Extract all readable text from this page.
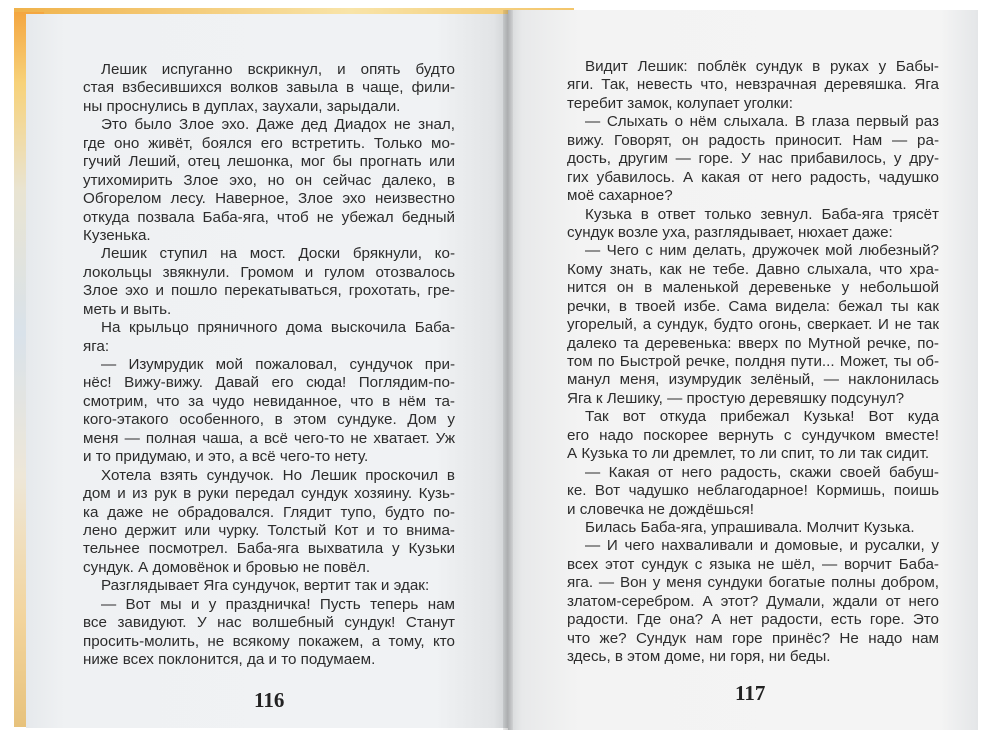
Лешик испуганно вскрикнул, и опять будто
стая взбесившихся волков завыла в чаще, фили-
ны проснулись в дуплах, заухали, зарыдали.
Это было Злое эхо. Даже дед Диадох не знал,
где оно живёт, боялся его встретить. Только мо-
гучий Леший, отец лешонка, мог бы прогнать или
утихомирить Злое эхо, но он сейчас далеко, в
Обгорелом лесу. Наверное, Злое эхо неизвестно
откуда позвала Баба-яга, чтоб не убежал бедный
Кузенька.
Лешик ступил на мост. Доски брякнули, ко-
локольцы звякнули. Громом и гулом отозвалось
Злое эхо и пошло перекатываться, грохотать, гре-
меть и выть.
На крыльцо пряничного дома выскочила Баба-
яга:
— Изумрудик мой пожаловал, сундучок при-
нёс! Вижу-вижу. Давай его сюда! Поглядим-по-
смотрим, что за чудо невиданное, что в нём та-
кого-этакого особенного, в этом сундуке. Дом у
меня — полная чаша, а всё чего-то не хватает. Уж
и то придумаю, и это, а всё чего-то нету.
Хотела взять сундучок. Но Лешик проскочил в
дом и из рук в руки передал сундук хозяину. Кузь-
ка даже не обрадовался. Глядит тупо, будто по-
лено держит или чурку. Толстый Кот и то внима-
тельнее посмотрел. Баба-яга выхватила у Кузьки
сундук. А домовёнок и бровью не повёл.
Разглядывает Яга сундучок, вертит так и эдак:
— Вот мы и у праздничка! Пусть теперь нам
все завидуют. У нас волшебный сундук! Станут
просить-молить, не всякому покажем, а тому, кто
ниже всех поклонится, да и то подумаем.
116
Видит Лешик: поблёк сундук в руках у Бабы-
яги. Так, невесть что, невзрачная деревяшка. Яга
теребит замок, колупает уголки:
— Слыхать о нём слыхала. В глаза первый раз
вижу. Говорят, он радость приносит. Нам — ра-
дость, другим — горе. У нас прибавилось, у дру-
гих убавилось. А какая от него радость, чадушко
моё сахарное?
Кузька в ответ только зевнул. Баба-яга трясёт
сундук возле уха, разглядывает, нюхает даже:
— Чего с ним делать, дружочек мой любезный?
Кому знать, как не тебе. Давно слыхала, что хра-
нится он в маленькой деревеньке у небольшой
речки, в твоей избе. Сама видела: бежал ты как
угорелый, а сундук, будто огонь, сверкает. И не так
далеко та деревенька: вверх по Мутной речке, по-
том по Быстрой речке, полдня пути... Может, ты об-
манул меня, изумрудик зелёный, — наклонилась
Яга к Лешику, — простую деревяшку подсунул?
Так вот откуда прибежал Кузька! Вот куда
его надо поскорее вернуть с сундучком вместе!
А Кузька то ли дремлет, то ли спит, то ли так сидит.
— Какая от него радость, скажи своей бабуш-
ке. Вот чадушко неблагодарное! Кормишь, поишь
и словечка не дождёшься!
Билась Баба-яга, упрашивала. Молчит Кузька.
— И чего нахваливали и домовые, и русалки, у
всех этот сундук с языка не шёл, — ворчит Баба-
яга. — Вон у меня сундуки богатые полны добром,
златом-серебром. А этот? Думали, ждали от него
радости. Где она? А нет радости, есть горе. Это
что же? Сундук нам горе принёс? Не надо нам
здесь, в этом доме, ни горя, ни беды.
117
